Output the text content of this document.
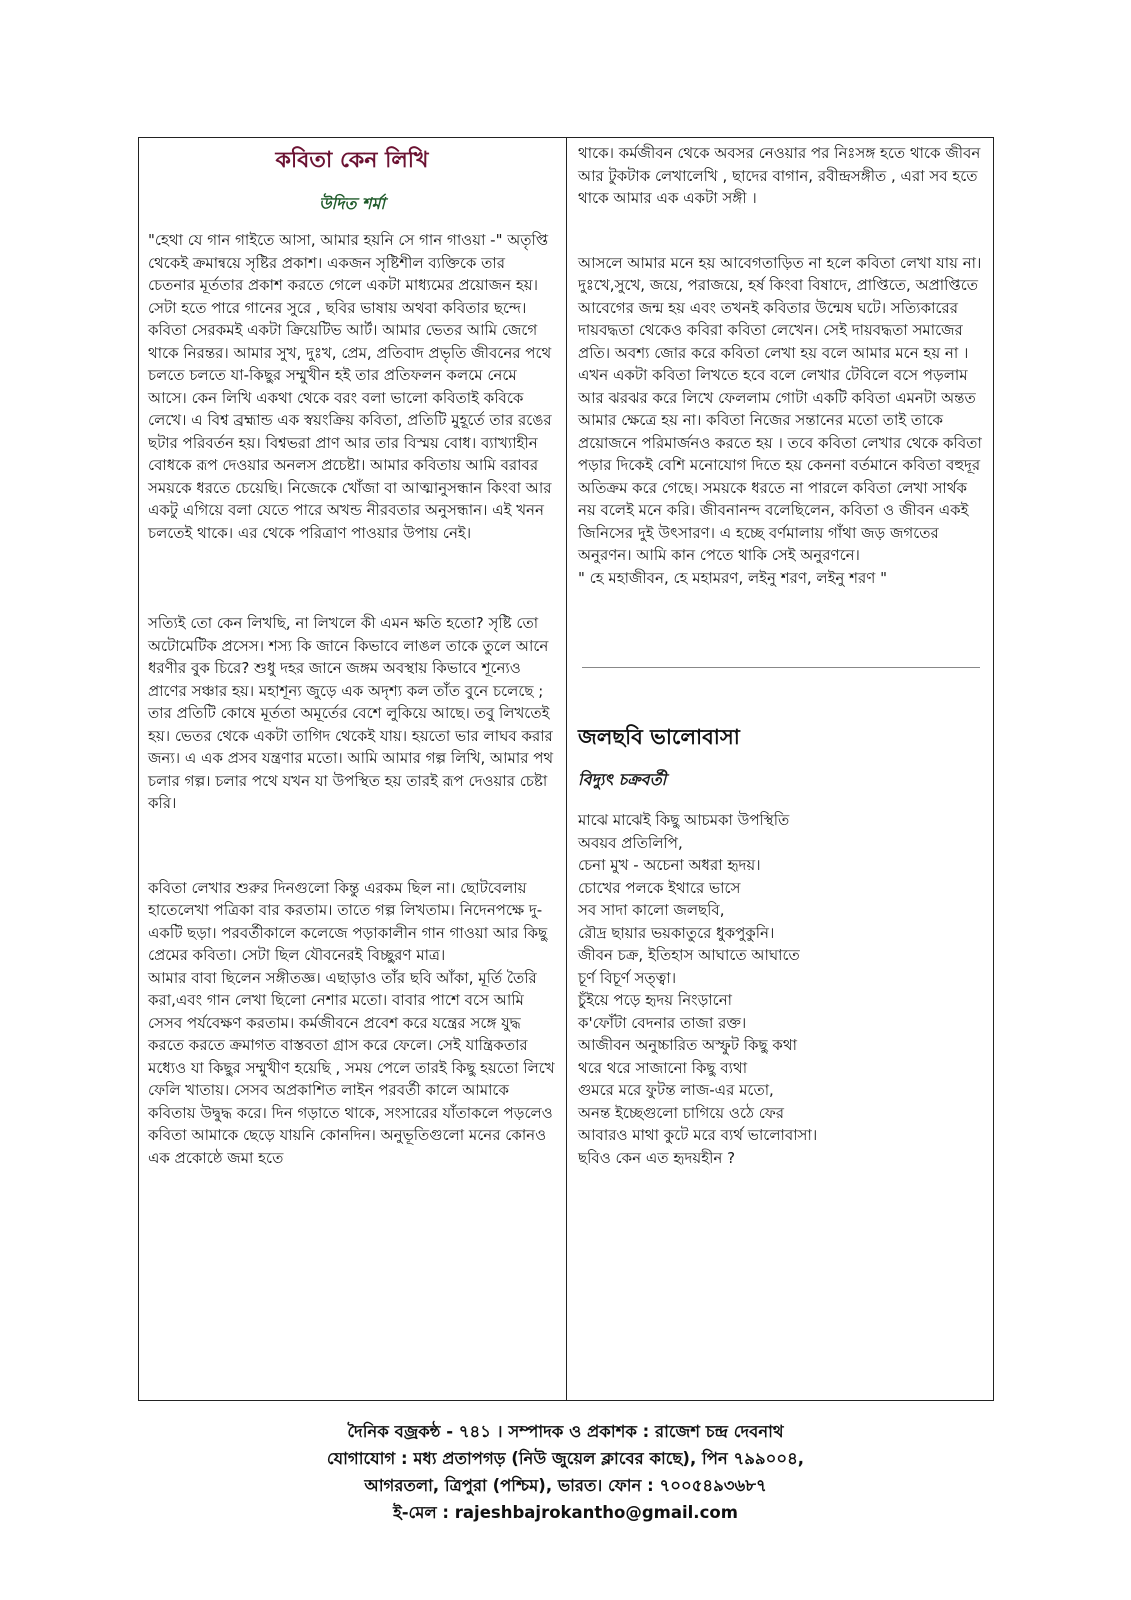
কবিতা কেন লিখি
উদিত শর্মা

"হেথা যে গান গাইতে আসা, আমার হয়নি সে গান গাওয়া -" অতৃপ্তি থেকেই ক্রমান্বয়ে সৃষ্টির প্রকাশ। একজন সৃষ্টিশীল ব্যক্তিকে তার চেতনার মূর্ততার প্রকাশ করতে গেলে একটা মাধ্যমের প্রয়োজন হয়। সেটা হতে পারে গানের সুরে , ছবির ভাষায় অথবা কবিতার ছন্দে। কবিতা সেরকমই একটা ক্রিয়েটিভ আর্ট। আমার ভেতর আমি জেগে থাকে নিরন্তর। আমার সুখ, দুঃখ, প্রেম, প্রতিবাদ প্রভৃতি জীবনের পথে চলতে চলতে যা-কিছুর সম্মুখীন হই তার প্রতিফলন কলমে নেমে আসে। কেন লিখি একথা থেকে বরং বলা ভালো কবিতাই কবিকে লেখে। এ বিশ্ব ব্রহ্মান্ড এক স্বয়ংক্রিয় কবিতা, প্রতিটি মুহূর্তে তার রঙের ছটার পরিবর্তন হয়। বিশ্বভরা প্রাণ আর তার বিস্ময় বোধ। ব্যাখ্যাহীন বোধকে রূপ দেওয়ার অনলস প্রচেষ্টা। আমার কবিতায় আমি বরাবর সময়কে ধরতে চেয়েছি। নিজেকে খোঁজা বা আত্মানুসন্ধান কিংবা আর একটু এগিয়ে বলা যেতে পারে অখন্ড নীরবতার অনুসন্ধান। এই খনন চলতেই থাকে। এর থেকে পরিত্রাণ পাওয়ার উপায় নেই।

সত্যিই তো কেন লিখছি, না লিখলে কী এমন ক্ষতি হতো? সৃষ্টি তো অটোমেটিক প্রসেস। শস্য কি জানে কিভাবে লাঙল তাকে তুলে আনে ধরণীর বুক চিরে? শুধু দহর জানে জঙ্গম অবস্থায় কিভাবে শূন্যেও প্রাণের সঞ্চার হয়। মহাশূন্য জুড়ে এক অদৃশ্য কল তাঁত বুনে চলেছে ; তার প্রতিটি কোষে মূর্ততা অমূর্তের বেশে লুকিয়ে আছে। তবু লিখতেই হয়। ভেতর থেকে একটা তাগিদ থেকেই যায়। হয়তো ভার লাঘব করার জন্য। এ এক প্রসব যন্ত্রণার মতো। আমি আমার গল্প লিখি, আমার পথ চলার গল্প। চলার পথে যখন যা উপস্থিত হয় তারই রূপ দেওয়ার চেষ্টা করি।

কবিতা লেখার শুরুর দিনগুলো কিন্তু এরকম ছিল না। ছোটবেলায় হাতেলেখা পত্রিকা বার করতাম। তাতে গল্প লিখতাম। নিদেনপক্ষে দু-একটি ছড়া। পরবর্তীকালে কলেজে পড়াকালীন গান গাওয়া আর কিছু প্রেমের কবিতা। সেটা ছিল যৌবনেরই বিচ্ছুরণ মাত্র।

আমার বাবা ছিলেন সঙ্গীতজ্ঞ। এছাড়াও তাঁর ছবি আঁকা, মূর্তি তৈরি করা,এবং গান লেখা ছিলো নেশার মতো। বাবার পাশে বসে আমি সেসব পর্যবেক্ষণ করতাম। কর্মজীবনে প্রবেশ করে যন্ত্রের সঙ্গে যুদ্ধ করতে করতে ক্রমাগত বাস্তবতা গ্রাস করে ফেলে। সেই যান্ত্রিকতার মধ্যেও যা কিছুর সম্মুখীণ হয়েছি , সময় পেলে তারই কিছু হয়তো লিখে ফেলি খাতায়। সেসব অপ্রকাশিত লাইন পরবর্তী কালে আমাকে কবিতায় উদ্বুদ্ধ করে। দিন গড়াতে থাকে, সংসারের যাঁতাকলে পড়লেও কবিতা আমাকে ছেড়ে যায়নি কোনদিন। অনুভূতিগুলো মনের কোনও এক প্রকোষ্ঠে জমা হতে

থাকে। কর্মজীবন থেকে অবসর নেওয়ার পর নিঃসঙ্গ হতে থাকে জীবন আর টুকটাক লেখালেখি , ছাদের বাগান, রবীন্দ্রসঙ্গীত , এরা সব হতে থাকে আমার এক একটা সঙ্গী ।

আসলে আমার মনে হয় আবেগতাড়িত না হলে কবিতা লেখা যায় না। দুঃখে,সুখে, জয়ে, পরাজয়ে, হর্ষ কিংবা বিষাদে, প্রাপ্তিতে, অপ্রাপ্তিতে আবেগের জন্ম হয় এবং তখনই কবিতার উন্মেষ ঘটে। সত্যিকারের দায়বদ্ধতা থেকেও কবিরা কবিতা লেখেন। সেই দায়বদ্ধতা সমাজের প্রতি। অবশ্য জোর করে কবিতা লেখা হয় বলে আমার মনে হয় না । এখন একটা কবিতা লিখতে হবে বলে লেখার টেবিলে বসে পড়লাম আর ঝরঝর করে লিখে ফেললাম গোটা একটি কবিতা এমনটা অন্তত আমার ক্ষেত্রে হয় না। কবিতা নিজের সন্তানের মতো তাই তাকে প্রয়োজনে পরিমার্জনও করতে হয় । তবে কবিতা লেখার থেকে কবিতা পড়ার দিকেই বেশি মনোযোগ দিতে হয় কেননা বর্তমানে কবিতা বহুদূর অতিক্রম করে গেছে। সময়কে ধরতে না পারলে কবিতা লেখা সার্থক নয় বলেই মনে করি। জীবনানন্দ বলেছিলেন, কবিতা ও জীবন একই জিনিসের দুই উৎসারণ। এ হচ্ছে বর্ণমালায় গাঁথা জড় জগতের অনুরণন। আমি কান পেতে থাকি সেই অনুরণনে।

" হে মহাজীবন, হে মহামরণ, লইনু শরণ, লইনু শরণ "

জলছবি ভালোবাসা
বিদ্যুৎ চক্রবর্তী
মাঝে মাঝেই কিছু আচমকা উপস্থিতি
অবয়ব প্রতিলিপি,
চেনা মুখ - অচেনা অধরা হৃদয়।
চোখের পলকে ইথারে ভাসে
সব সাদা কালো জলছবি,
রৌদ্র ছায়ার ভয়কাতুরে ধুকপুকুনি।
জীবন চক্র, ইতিহাস আঘাতে আঘাতে
চূর্ণ বিচূর্ণ সত্ত্বা।
চুঁইয়ে পড়ে হৃদয় নিংড়ানো
ক'ফোঁটা বেদনার তাজা রক্ত।
আজীবন অনুচ্চারিত অস্ফুট কিছু কথা
থরে থরে সাজানো কিছু ব্যথা
গুমরে মরে ফুটন্ত লাজ-এর মতো,
অনন্ত ইচ্ছেগুলো চাগিয়ে ওঠে ফের
আবারও মাথা কুটে মরে ব্যর্থ ভালোবাসা।
ছবিও কেন এত হৃদয়হীন ?
দৈনিক বজ্রকন্ঠ - ৭৪১ । সম্পাদক ও প্রকাশক : রাজেশ চন্দ্র দেবনাথ
যোগাযোগ : মধ্য প্রতাপগড় (নিউ জুয়েল ক্লাবের কাছে), পিন ৭৯৯০০৪,
আগরতলা, ত্রিপুরা (পশ্চিম), ভারত। ফোন : ৭০০৫৪৯৩৬৮৭
ই-মেল : rajeshbajrokantho@gmail.com
